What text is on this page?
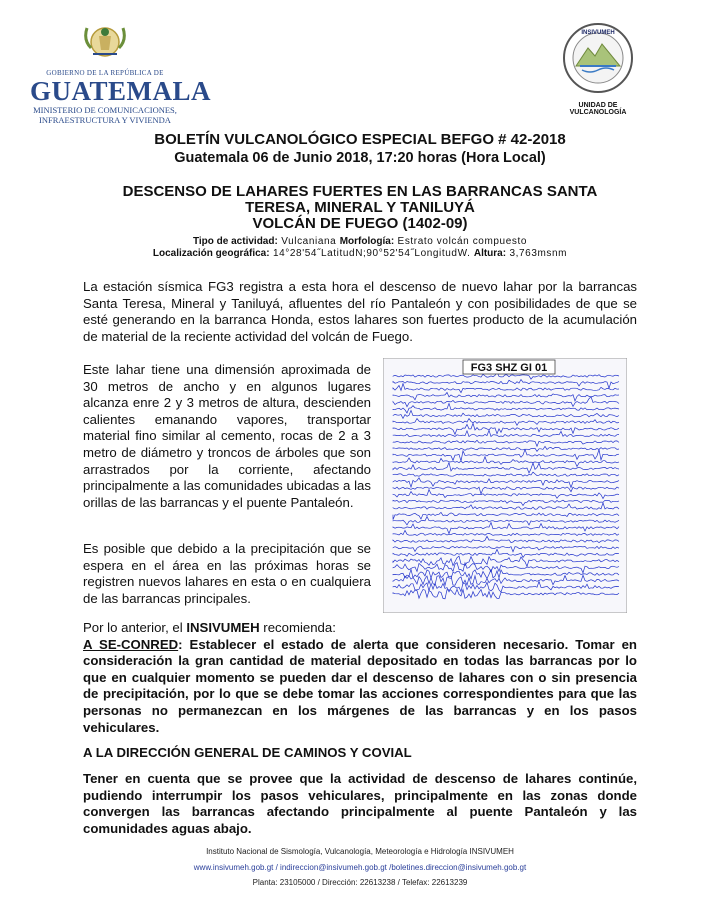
GOBIERNO DE LA REPÚBLICA DE
GUATEMALA
MINISTERIO DE COMUNICACIONES,
INFRAESTRUCTURA Y VIVIENDA
INSIVUMEH
UNIDAD DE VULCANOLOGÍA
BOLETÍN VULCANOLÓGICO ESPECIAL BEFGO # 42-2018
Guatemala 06 de Junio 2018, 17:20 horas (Hora Local)
DESCENSO DE LAHARES FUERTES EN LAS BARRANCAS SANTA
TERESA, MINERAL Y TANILUYÁ
VOLCÁN DE FUEGO (1402-09)
Tipo de actividad: Vulcaniana Morfología: Estrato volcán compuesto
Localización geográfica: 14°28'54˝LatitudN;90°52'54˝LongitudW. Altura: 3,763msnm
La estación sísmica FG3 registra a esta hora el descenso de nuevo lahar por la barrancas Santa Teresa, Mineral y Taniluyá, afluentes del río Pantaleón y con posibilidades de que se esté generando en la barranca Honda, estos lahares son fuertes producto de la acumulación de material de la reciente actividad del volcán de Fuego.
Este lahar tiene una dimensión aproximada de 30 metros de ancho y en algunos lugares alcanza enre 2 y 3 metros de altura, descienden calientes emanando vapores, transportar material fino similar al cemento, rocas de 2 a 3 metro de diámetro y troncos de árboles que son arrastrados por la corriente, afectando principalmente a las comunidades ubicadas a las orillas de las barrancas y el puente Pantaleón.
Es posible que debido a la precipitación que se espera en el área en las próximas horas se registren nuevos lahares en esta o en cualquiera de las barrancas principales.
FG3 SHZ GI 01
Por lo anterior, el INSIVUMEH recomienda:
A SE-CONRED: Establecer el estado de alerta que consideren necesario. Tomar en consideración la gran cantidad de material depositado en todas las barrancas por lo que en cualquier momento se pueden dar el descenso de lahares con o sin presencia de precipitación, por lo que se debe tomar las acciones correspondientes para que las personas no permanezcan en los márgenes de las barrancas y en los pasos vehiculares.
A LA DIRECCIÓN GENERAL DE CAMINOS Y COVIAL
Tener en cuenta que se provee que la actividad de descenso de lahares continúe, pudiendo interrumpir los pasos vehiculares, principalmente en las zonas donde convergen las barrancas afectando principalmente al puente Pantaleón y las comunidades aguas abajo.
Instituto Nacional de Sismología, Vulcanología, Meteorología e Hidrología INSIVUMEH
www.insivumeh.gob.gt / indireccion@insivumeh.gob.gt /boletines.direccion@insivumeh.gob.gt
Planta: 23105000 / Dirección: 22613238 / Telefax: 22613239
